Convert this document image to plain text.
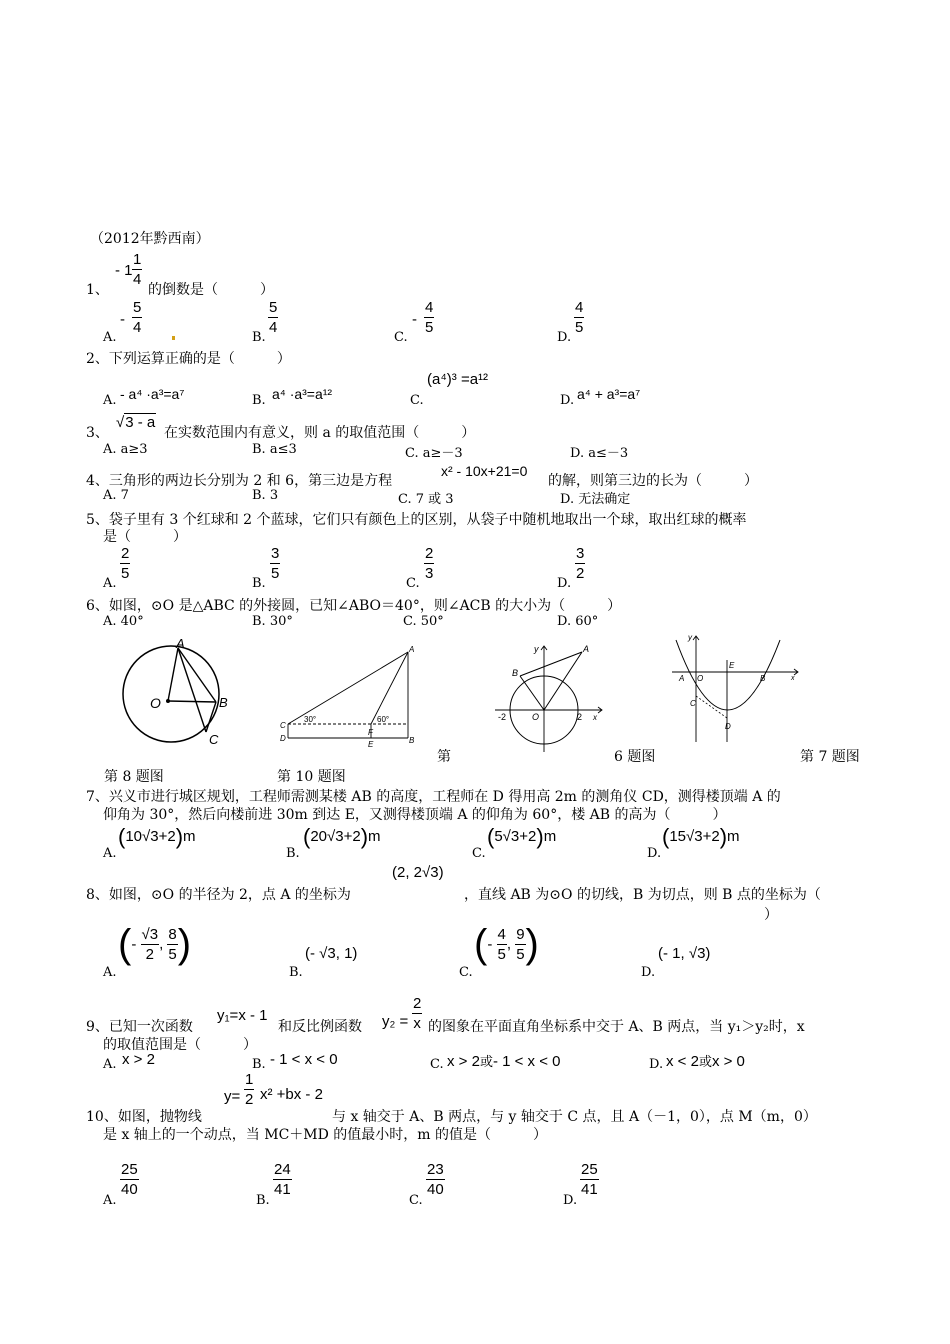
（2012年黔西南）
1、
- $1 \frac{1}{4}$
的倒数是（　　　）
A.
- $\frac{5}{4}$
B.
$\frac{5}{4}$
C.
- $\frac{4}{5}$
D.
$\frac{4}{5}$
2、下列运算正确的是（　　　）
A. - a⁴ ·a³=a⁷	B. a⁴ ·a³=a¹²	C.
(a⁴)³ =a¹²
D. a⁴ + a³=a⁷
3、
√3 - a
在实数范围内有意义，则 a 的取值范围（　　　）
A. a≥3	B. a≤3	C. a≥－3	D. a≤－3
4、三角形的两边长分别为 2 和 6，第三边是方程
x² - 10x+21=0
的解，则第三边的长为（　　　）
A. 7	B. 3	C. 7 或 3	D. 无法确定
5、袋子里有 3 个红球和 2 个蓝球，它们只有颜色上的区别，从袋子中随机地取出一个球，取出红球的概率
是（　　　）
A.
$\frac{2}{5}$
B.
$\frac{3}{5}$
C.
$\frac{2}{3}$
D.
$\frac{3}{2}$
6、如图，⊙O 是△ABC 的外接圆，已知∠ABO＝40°，则∠ACB 的大小为（　　　）
A. 40°	B. 30°	C. 50°	D. 60°
A
O	B
C
A
C
D
F
E	B
30°	60°
y	A
B
-2	O	2 x
y
A O
E
B	x
C
D
第	6 题图	第 7 题图
第 8 题图	第 10 题图
7、兴义市进行城区规划，工程师需测某楼 AB 的高度，工程师在 D 得用高 2m 的测角仪 CD，测得楼顶端 A 的
仰角为 30°，然后向楼前进 30m 到达 E，又测得楼顶端 A 的仰角为 60°，楼 AB 的高为（　　　）
A.
(10√3+2)m
B.
(20√3+2)m
C.
(5√3+2)m
D.
(15√3+2)m
8、如图，⊙O 的半径为 2，点 A 的坐标为
(2, 2√3)
，直线 AB 为⊙O 的切线，B 为切点，则 B 点的坐标为（
）
A.
(- $\frac{√3}{2}$ , $\frac{8}{5}$ )
B.
(- √3, 1)
C.
(- $\frac{4}{5}$ , $\frac{9}{5}$ )
D.
(- 1, √3)
9、已知一次函数
y₁=x - 1
和反比例函数 $y_2 = \frac{2}{x}$ 的图象在平面直角坐标系中交于 A、B 两点，当 y₁＞y₂时，x
的取值范围是（　　　）
A. x > 2	B. - 1 < x < 0	C. x > 2或- 1 < x < 0	D. x < 2或x > 0
10、如图，抛物线
$y= \frac{1}{2} x^2 +bx - 2$
与 x 轴交于 A、B 两点，与 y 轴交于 C 点，且 A（－1，0），点 M（m，0）
是 x 轴上的一个动点，当 MC＋MD 的值最小时，m 的值是（　　　）
A.
$\frac{25}{40}$
B.
$\frac{24}{41}$
C.
$\frac{23}{40}$
D.
$\frac{25}{41}$
